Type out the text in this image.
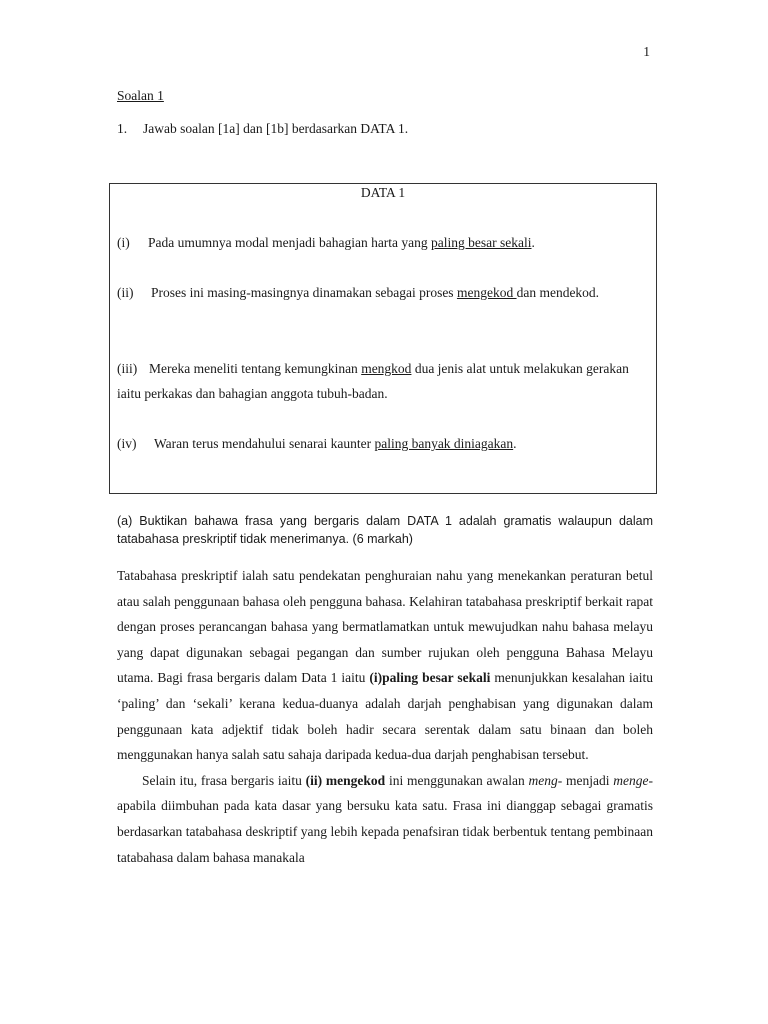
1
Soalan 1
1. Jawab soalan [1a] dan [1b] berdasarkan DATA 1.
DATA 1
(i) Pada umumnya modal menjadi bahagian harta yang paling besar sekali.
(ii) Proses ini masing-masingnya dinamakan sebagai proses mengekod dan mendekod.
(iii) Mereka meneliti tentang kemungkinan mengkod dua jenis alat untuk melakukan gerakan iaitu perkakas dan bahagian anggota tubuh-badan.
(iv) Waran terus mendahului senarai kaunter paling banyak diniagakan.
(a) Buktikan bahawa frasa yang bergaris dalam DATA 1 adalah gramatis walaupun dalam tatabahasa preskriptif tidak menerimanya. (6 markah)

Tatabahasa preskriptif ialah satu pendekatan penghuraian nahu yang menekankan peraturan betul atau salah penggunaan bahasa oleh pengguna bahasa. Kelahiran tatabahasa preskriptif berkait rapat dengan proses perancangan bahasa yang bermatlamatkan untuk mewujudkan nahu bahasa melayu yang dapat digunakan sebagai pegangan dan sumber rujukan oleh pengguna Bahasa Melayu utama. Bagi frasa bergaris dalam Data 1 iaitu (i)paling besar sekali menunjukkan kesalahan iaitu ‘paling’ dan ‘sekali’ kerana kedua-duanya adalah darjah penghabisan yang digunakan dalam penggunaan kata adjektif tidak boleh hadir secara serentak dalam satu binaan dan boleh menggunakan hanya salah satu sahaja daripada kedua-dua darjah penghabisan tersebut.

Selain itu, frasa bergaris iaitu (ii) mengekod ini menggunakan awalan meng- menjadi menge- apabila diimbuhan pada kata dasar yang bersuku kata satu. Frasa ini dianggap sebagai gramatis berdasarkan tatabahasa deskriptif yang lebih kepada penafsiran tidak berbentuk tentang pembinaan tatabahasa dalam bahasa manakala
